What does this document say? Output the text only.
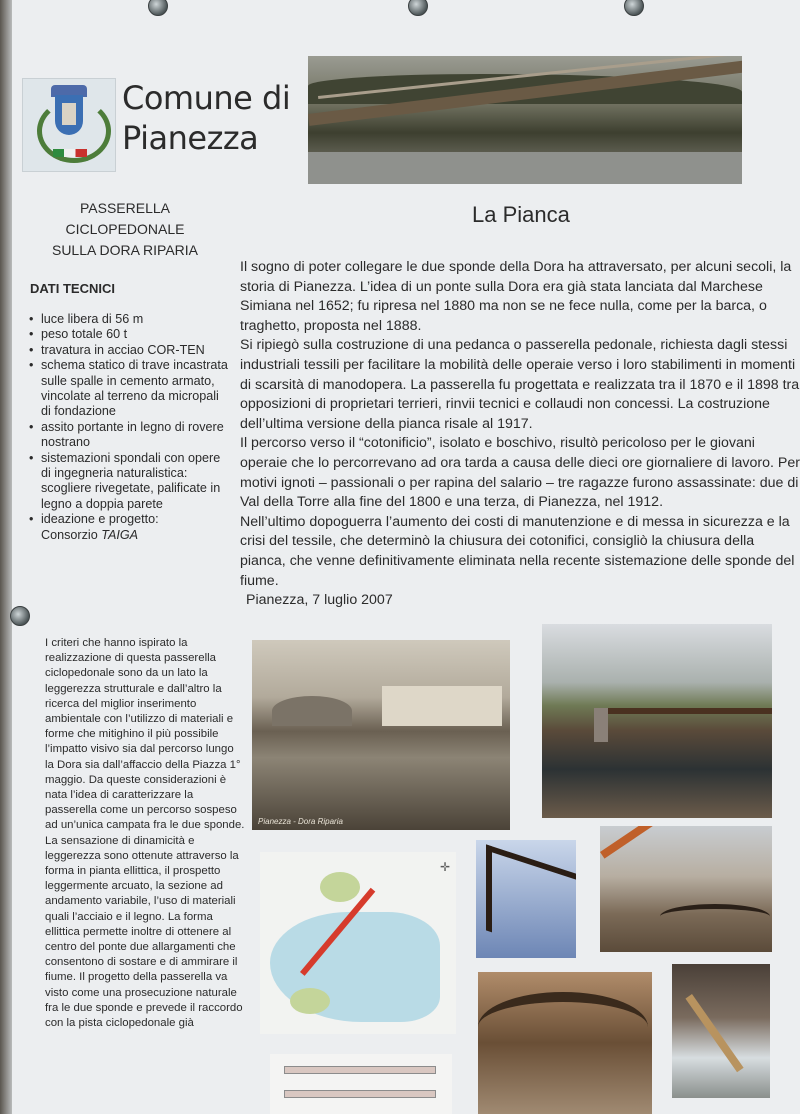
Comune di
Pianezza
PASSERELLA CICLOPEDONALE
SULLA DORA RIPARIA
La Pianca

Il sogno di poter collegare le due sponde della Dora ha attraversato, per alcuni secoli, la storia di Pianezza. L’idea di un ponte sulla Dora era già stata lanciata dal Marchese Simiana nel 1652; fu ripresa nel 1880 ma non se ne fece nulla, come per la barca, o traghetto, proposta nel 1888.

Si ripiegò sulla costruzione di una pedanca o passerella pedonale, richiesta dagli stessi industriali tessili per facilitare la mobilità delle operaie verso i loro stabilimenti in momenti di scarsità di manodopera. La passerella fu progettata e realizzata tra il 1870 e il 1898 tra opposizioni di proprietari terrieri, rinvii tecnici e collaudi non concessi. La costruzione dell’ultima versione della pianca risale al 1917.

Il percorso verso il “cotonificio”, isolato e boschivo, risultò pericoloso per le giovani operaie che lo percorrevano ad ora tarda a causa delle dieci ore giornaliere di lavoro. Per motivi ignoti – passionali o per rapina del salario – tre ragazze furono assassinate: due di Val della Torre alla fine del 1800 e una terza, di Pianezza, nel 1912.

Nell’ultimo dopoguerra l’aumento dei costi di manutenzione e di messa in sicurezza e la crisi del tessile, che determinò la chiusura dei cotonifici, consigliò la chiusura della pianca, che venne definitivamente eliminata nella recente sistemazione delle sponde del fiume.

Pianezza, 7 luglio 2007

DATI TECNICI
• luce libera di 56 m
• peso totale 60 t
• travatura in acciao COR-TEN
• schema statico di trave incastrata sulle spalle in cemento armato, vincolate al terreno da micropali di fondazione
• assito portante in legno di rovere nostrano
• sistemazioni spondali con opere di ingegneria naturalistica: scogliere rivegetate, palificate in legno a doppia parete
• ideazione e progetto:
Consorzio TAIGA

I criteri che hanno ispirato la realizzazione di questa passerella ciclopedonale sono da un lato la leggerezza strutturale e dall’altro la ricerca del miglior inserimento ambientale con l’utilizzo di materiali e forme che mitighino il più possibile l’impatto visivo sia dal percorso lungo la Dora sia dall’affaccio della Piazza 1° maggio. Da queste considerazioni è nata l’idea di caratterizzare la passerella come un percorso sospeso ad un’unica campata fra le due sponde. La sensazione di dinamicità e leggerezza sono ottenute attraverso la forma in pianta ellittica, il prospetto leggermente arcuato, la sezione ad andamento variabile, l’uso di materiali quali l’acciaio e il legno. La forma ellittica permette inoltre di ottenere al centro del ponte due allargamenti che consentono di sostare e di ammirare il fiume. Il progetto della passerella va visto come una prosecuzione naturale fra le due sponde e prevede il raccordo con la pista ciclopedonale già

Pianezza - Dora Riparia
✛
